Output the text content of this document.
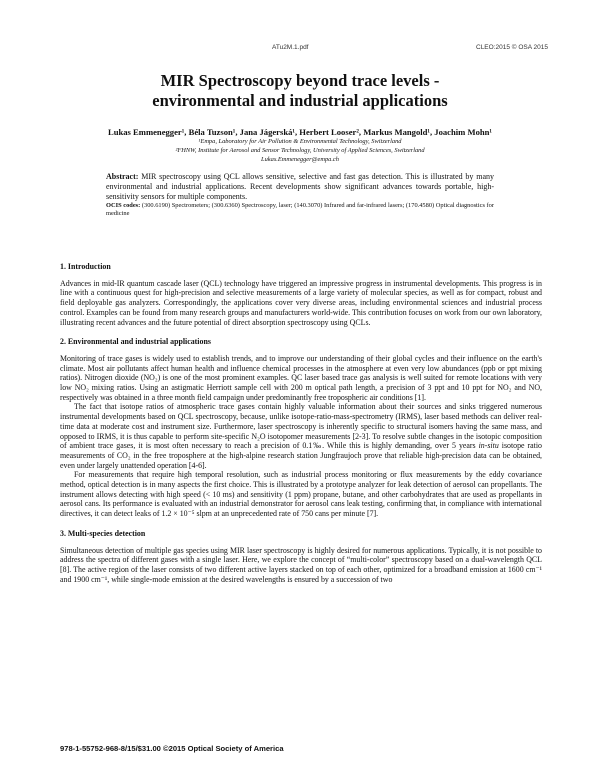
ATu2M.1.pdf	CLEO:2015 © OSA 2015
MIR Spectroscopy beyond trace levels -
environmental and industrial applications
Lukas Emmenegger¹, Béla Tuzson¹, Jana Jágerská¹, Herbert Looser², Markus Mangold¹, Joachim Mohn¹
¹Empa, Laboratory for Air Pollution & Environmental Technology, Switzerland
²FHNW, Institute for Aerosol and Sensor Technology, University of Applied Sciences, Switzerland
Lukas.Emmenegger@empa.ch
Abstract: MIR spectroscopy using QCL allows sensitive, selective and fast gas detection. This is illustrated by many environmental and industrial applications. Recent developments show significant advances towards portable, high-sensitivity sensors for multiple components.
OCIS codes: (300.6190) Spectrometers; (300.6360) Spectroscopy, laser; (140.3070) Infrared and far-infrared lasers; (170.4580) Optical diagnostics for medicine
1. Introduction

Advances in mid-IR quantum cascade laser (QCL) technology have triggered an impressive progress in instrumental developments. This progress is in line with a continuous quest for high-precision and selective measurements of a large variety of molecular species, as well as for compact, robust and field deployable gas analyzers. Correspondingly, the applications cover very diverse areas, including environmental sciences and industrial process control. Examples can be found from many research groups and manufacturers world-wide. This contribution focuses on work from our own laboratory, illustrating recent advances and the future potential of direct absorption spectroscopy using QCLs.

2. Environmental and industrial applications

Monitoring of trace gases is widely used to establish trends, and to improve our understanding of their global cycles and their influence on the earth's climate. Most air pollutants affect human health and influence chemical processes in the atmosphere at even very low abundances (ppb or ppt mixing ratios). Nitrogen dioxide (NO₂) is one of the most prominent examples. QC laser based trace gas analysis is well suited for remote locations with very low NO₂ mixing ratios. Using an astigmatic Herriott sample cell with 200 m optical path length, a precision of 3 ppt and 10 ppt for NO₂ and NO, respectively was obtained in a three month field campaign under predominantly free tropospheric air conditions [1].

The fact that isotope ratios of atmospheric trace gases contain highly valuable information about their sources and sinks triggered numerous instrumental developments based on QCL spectroscopy, because, unlike isotope-ratio-mass-spectrometry (IRMS), laser based methods can deliver real-time data at moderate cost and instrument size. Furthermore, laser spectroscopy is inherently specific to structural isomers having the same mass, and opposed to IRMS, it is thus capable to perform site-specific N₂O isotopomer measurements [2-3]. To resolve subtle changes in the isotopic composition of ambient trace gases, it is most often necessary to reach a precision of 0.1‰. While this is highly demanding, over 5 years in-situ isotope ratio measurements of CO₂ in the free troposphere at the high-alpine research station Jungfraujoch prove that reliable high-precision data can be obtained, even under largely unattended operation [4-6].

For measurements that require high temporal resolution, such as industrial process monitoring or flux measurements by the eddy covariance method, optical detection is in many aspects the first choice. This is illustrated by a prototype analyzer for leak detection of aerosol can propellants. The instrument allows detecting with high speed (< 10 ms) and sensitivity (1 ppm) propane, butane, and other carbohydrates that are used as propellants in aerosol cans. Its performance is evaluated with an industrial demonstrator for aerosol cans leak testing, confirming that, in compliance with international directives, it can detect leaks of 1.2 × 10⁻⁵ slpm at an unprecedented rate of 750 cans per minute [7].

3. Multi-species detection

Simultaneous detection of multiple gas species using MIR laser spectroscopy is highly desired for numerous applications. Typically, it is not possible to address the spectra of different gases with a single laser. Here, we explore the concept of “multi-color” spectroscopy based on a dual-wavelength QCL [8]. The active region of the laser consists of two different active layers stacked on top of each other, optimized for a broadband emission at 1600 cm⁻¹ and 1900 cm⁻¹, while single-mode emission at the desired wavelengths is ensured by a succession of two

978-1-55752-968-8/15/$31.00 ©2015 Optical Society of America
